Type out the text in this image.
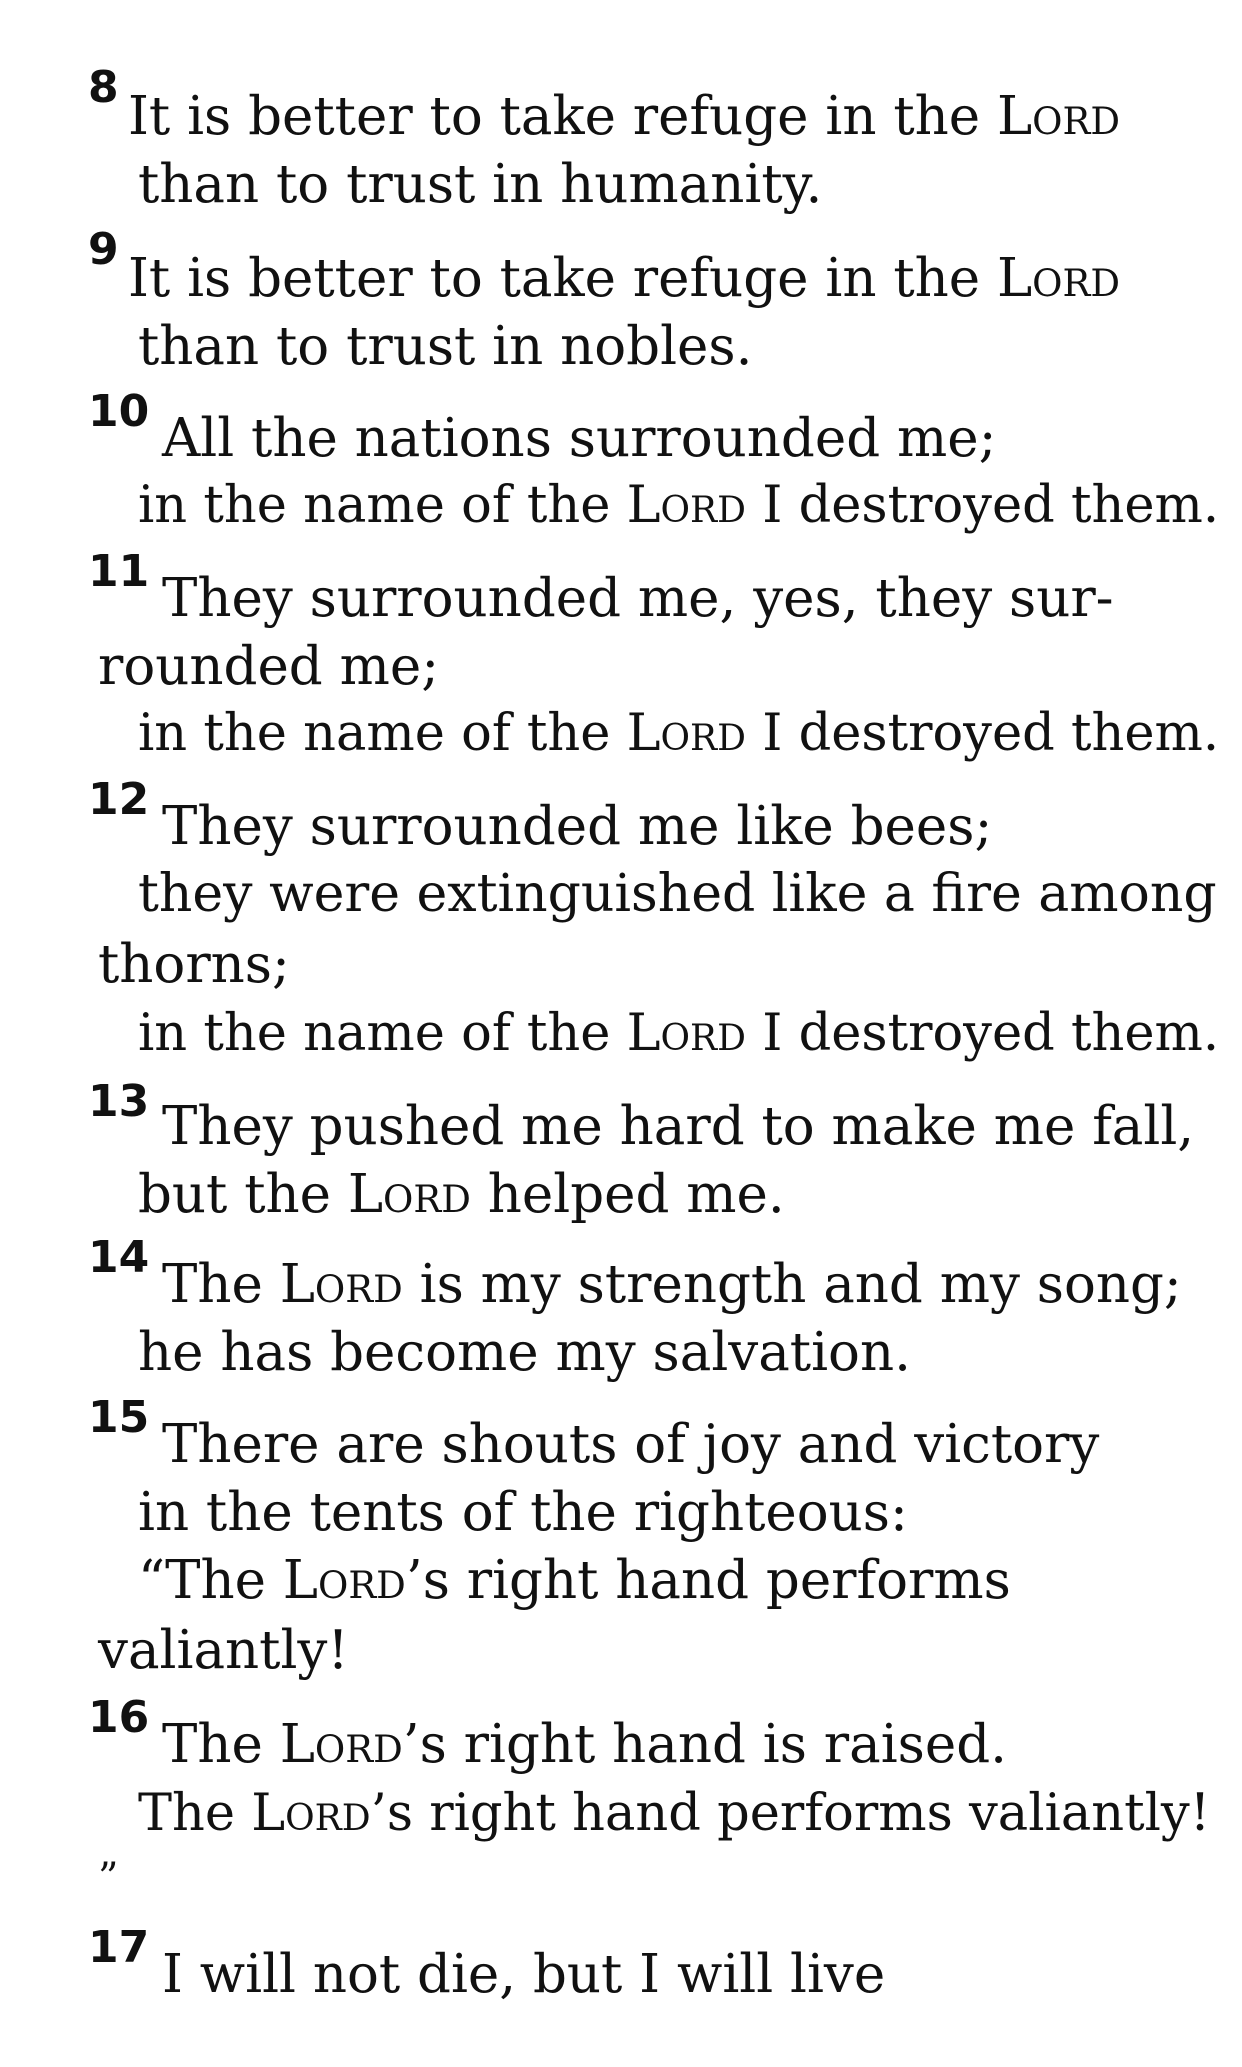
8 It is better to take refuge in the Lord
than to trust in humanity.
9 It is better to take refuge in the Lord
than to trust in nobles.
10 All the nations surrounded me;
in the name of the Lord I destroyed them.
11 They surrounded me, yes, they sur-
rounded me;
in the name of the Lord I destroyed them.
12 They surrounded me like bees;
they were extinguished like a fire among
thorns;
in the name of the Lord I destroyed them.
13 They pushed me hard to make me fall,
but the Lord helped me.
14 The Lord is my strength and my song;
he has become my salvation.
15 There are shouts of joy and victory
in the tents of the righteous:
“The Lord’s right hand performs
valiantly!
16 The Lord’s right hand is raised.
The Lord’s right hand performs valiantly!
”
17 I will not die, but I will live
